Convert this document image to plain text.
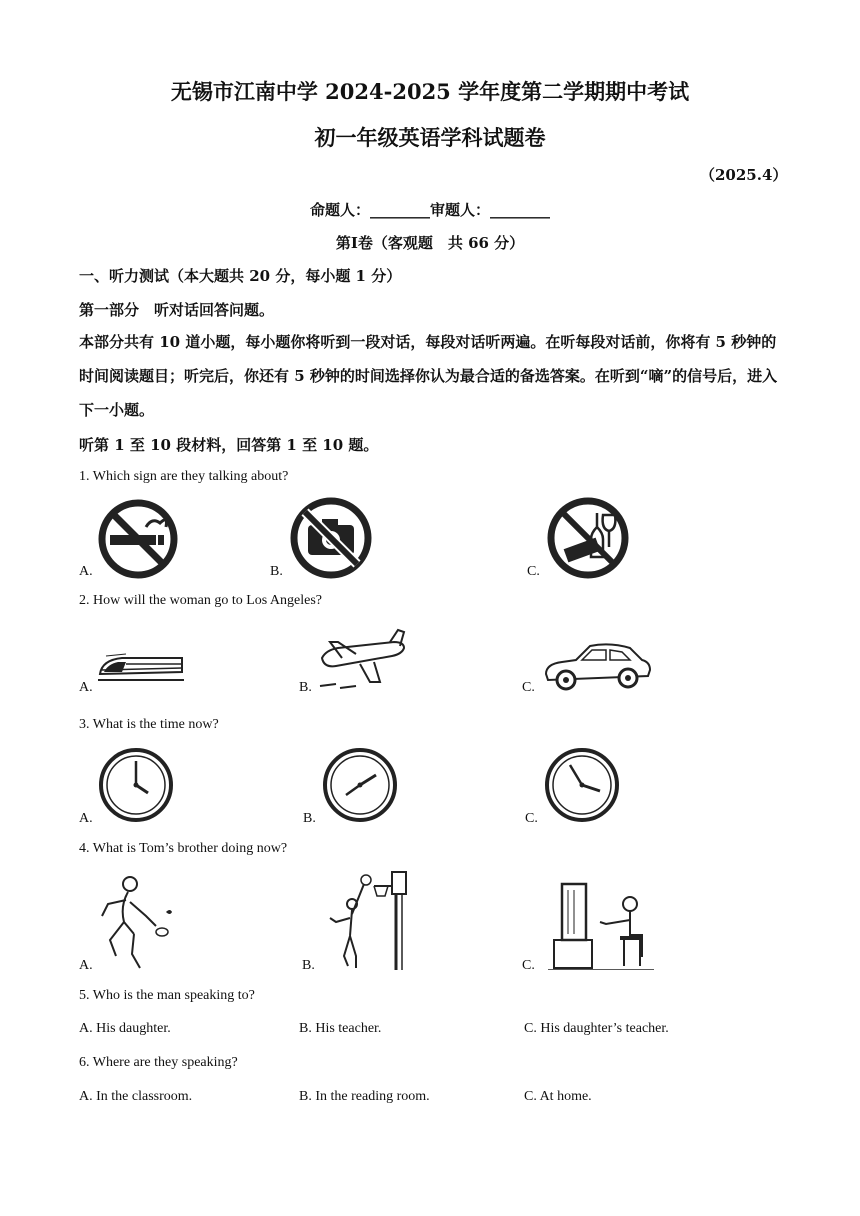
无锡市江南中学 2024-2025 学年度第二学期期中考试
初一年级英语学科试题卷
（2025.4）
命题人：________审题人：________
第Ⅰ卷（客观题　共 66 分）
一、听力测试（本大题共 20 分，每小题 1 分）
第一部分　听对话回答问题。
本部分共有 10 道小题，每小题你将听到一段对话，每段对话听两遍。在听每段对话前，你将有 5 秒钟的时间阅读题目；听完后，你还有 5 秒钟的时间选择你认为最合适的备选答案。在听到“嘀”的信号后，进入下一小题。
听第 1 至 10 段材料，回答第 1 至 10 题。
1. Which sign are they talking about?
A.	B.	C.
2. How will the woman go to Los Angeles?
A.	B.	C.
3. What is the time now?
A.	B.	C.
4. What is Tom’s brother doing now?
A.	B.	C.
5. Who is the man speaking to?
A. His daughter.	B. His teacher.	C. His daughter’s teacher.
6. Where are they speaking?
A. In the classroom.	B. In the reading room.	C. At home.
